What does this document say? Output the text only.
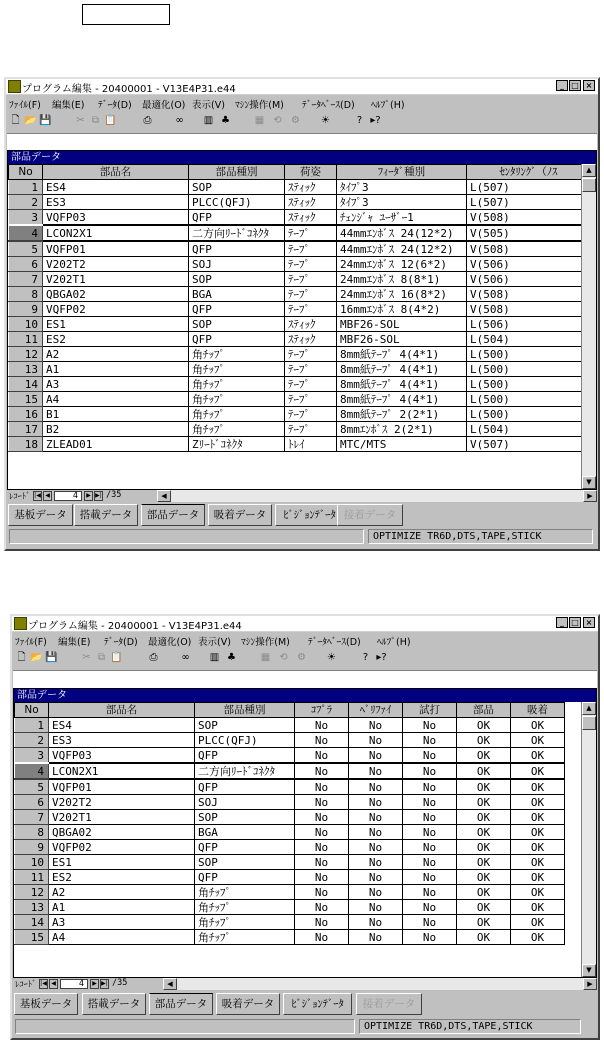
プログラム編集 - 20400001 - V13E4P31.e44	_ □ ×
ﾌｧｲﾙ(F) 編集(E) ﾃﾞｰﾀ(D) 最適化(O) 表示(V) ﾏｼﾝ操作(M) ﾃﾞｰﾀﾍﾞｰｽ(D) ﾍﾙﾌﾟ(H)
🗋 📂 💾	✂ ⧉ 📋	⎙	∞	▥ ♣	▦ ⟲ ⚙	☀	? ▸?
部品データ
No	部品名	部品種別	荷姿	ﾌｨｰﾀﾞ種別	ｾﾝﾀﾘﾝｸﾞ（ﾉｽ
1	ES4	SOP	ｽﾃｨｯｸ	ﾀｲﾌﾟ3	L(507)
2	ES3	PLCC(QFJ)	ｽﾃｨｯｸ	ﾀｲﾌﾟ3	L(507)
3	VQFP03	QFP	ｽﾃｨｯｸ	ﾁｪﾝｼﾞｬ ﾕｰｻﾞｰ1	V(508)
4	LCON2X1	二方向ﾘｰﾄﾞｺﾈｸﾀ	ﾃｰﾌﾟ	44mmｴﾝﾎﾞｽ 24(12*2)	V(505)
5	VQFP01	QFP	ﾃｰﾌﾟ	44mmｴﾝﾎﾞｽ 24(12*2)	V(508)
6	V202T2	SOJ	ﾃｰﾌﾟ	24mmｴﾝﾎﾞｽ 12(6*2)	V(506)
7	V202T1	SOP	ﾃｰﾌﾟ	24mmｴﾝﾎﾞｽ 8(8*1)	V(506)
8	QBGA02	BGA	ﾃｰﾌﾟ	24mmｴﾝﾎﾞｽ 16(8*2)	V(508)
9	VQFP02	QFP	ﾃｰﾌﾟ	16mmｴﾝﾎﾞｽ 8(4*2)	V(508)
10	ES1	SOP	ｽﾃｨｯｸ	MBF26-SOL	L(506)
11	ES2	QFP	ｽﾃｨｯｸ	MBF26-SOL	L(504)
12	A2	角ﾁｯﾌﾟ	ﾃｰﾌﾟ	8mm紙ﾃｰﾌﾟ 4(4*1)	L(500)
13	A1	角ﾁｯﾌﾟ	ﾃｰﾌﾟ	8mm紙ﾃｰﾌﾟ 4(4*1)	L(500)
14	A3	角ﾁｯﾌﾟ	ﾃｰﾌﾟ	8mm紙ﾃｰﾌﾟ 4(4*1)	L(500)
15	A4	角ﾁｯﾌﾟ	ﾃｰﾌﾟ	8mm紙ﾃｰﾌﾟ 4(4*1)	L(500)
16	B1	角ﾁｯﾌﾟ	ﾃｰﾌﾟ	8mm紙ﾃｰﾌﾟ 2(2*1)	L(500)
17	B2	角ﾁｯﾌﾟ	ﾃｰﾌﾟ	8mmｴﾝﾎﾞｽ 2(2*1)	L(504)
18	ZLEAD01	Zﾘｰﾄﾞｺﾈｸﾀ	ﾄﾚｲ	MTC/MTS	V(507)
▲
▼
ﾚｺｰﾄﾞ |◀ ◀	4	▶ ▶| /35	◀	▶
基板データ	搭載データ	部品データ	吸着データ	ﾋﾞｼﾞｮﾝﾃﾞｰﾀ 接着データ
OPTIMIZE TR6D,DTS,TAPE,STICK
プログラム編集 - 20400001 - V13E4P31.e44	_ □ ×
ﾌｧｲﾙ(F) 編集(E) ﾃﾞｰﾀ(D) 最適化(O) 表示(V) ﾏｼﾝ操作(M) ﾃﾞｰﾀﾍﾞｰｽ(D) ﾍﾙﾌﾟ(H)
🗋 📂 💾	✂ ⧉ 📋	⎙	∞	▥ ♣	▦ ⟲ ⚙	☀	? ▸?
部品データ
No	部品名	部品種別	ｺﾌﾟﾗ	ﾍﾞﾘﾌｧｲ	試打	部品	吸着
1	ES4	SOP	No	No	No	OK	OK
2	ES3	PLCC(QFJ)	No	No	No	OK	OK
3	VQFP03	QFP	No	No	No	OK	OK
4	LCON2X1	二方向ﾘｰﾄﾞｺﾈｸﾀ	No	No	No	OK	OK
5	VQFP01	QFP	No	No	No	OK	OK
6	V202T2	SOJ	No	No	No	OK	OK
7	V202T1	SOP	No	No	No	OK	OK
8	QBGA02	BGA	No	No	No	OK	OK
9	VQFP02	QFP	No	No	No	OK	OK
10	ES1	SOP	No	No	No	OK	OK
11	ES2	QFP	No	No	No	OK	OK
12	A2	角ﾁｯﾌﾟ	No	No	No	OK	OK
13	A1	角ﾁｯﾌﾟ	No	No	No	OK	OK
14	A3	角ﾁｯﾌﾟ	No	No	No	OK	OK
15	A4	角ﾁｯﾌﾟ	No	No	No	OK	OK
▲
▼
ﾚｺｰﾄﾞ |◀ ◀	4	▶ ▶| /35	◀	▶
基板データ	搭載データ	部品データ	吸着データ	ﾋﾞｼﾞｮﾝﾃﾞｰﾀ	接着データ
OPTIMIZE TR6D,DTS,TAPE,STICK
